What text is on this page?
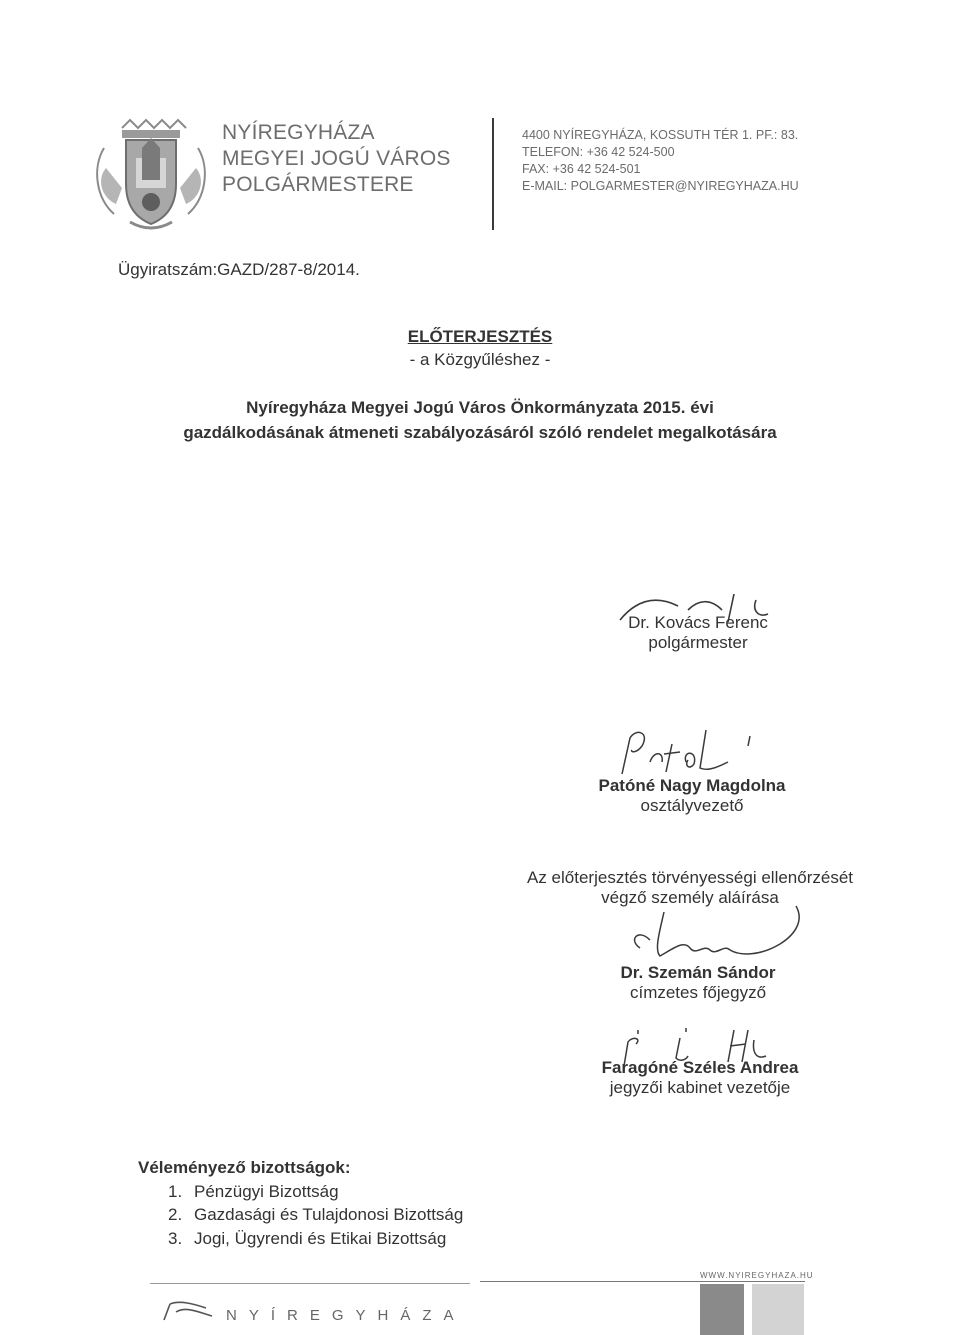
NYÍREGYHÁZA
MEGYEI JOGÚ VÁROS
POLGÁRMESTERE
4400 NYÍREGYHÁZA, KOSSUTH TÉR 1. PF.: 83.
TELEFON: +36 42 524-500
FAX: +36 42 524-501
E-MAIL: POLGARMESTER@NYIREGYHAZA.HU
Ügyiratszám:GAZD/287-8/2014.
ELŐTERJESZTÉS
- a Közgyűléshez -
Nyíregyháza Megyei Jogú Város Önkormányzata 2015. évi
gazdálkodásának átmeneti szabályozásáról szóló rendelet megalkotására
Dr. Kovács Ferenc
polgármester
Patóné Nagy Magdolna
osztályvezető
Az előterjesztés törvényességi ellenőrzését
végző személy aláírása
Dr. Szemán Sándor
címzetes főjegyző
Faragóné Széles Andrea
jegyzői kabinet vezetője
Véleményező bizottságok:
1. Pénzügyi Bizottság
2. Gazdasági és Tulajdonosi Bizottság
3. Jogi, Ügyrendi és Etikai Bizottság
WWW.NYIREGYHAZA.HU
NYÍREGYHÁZA
